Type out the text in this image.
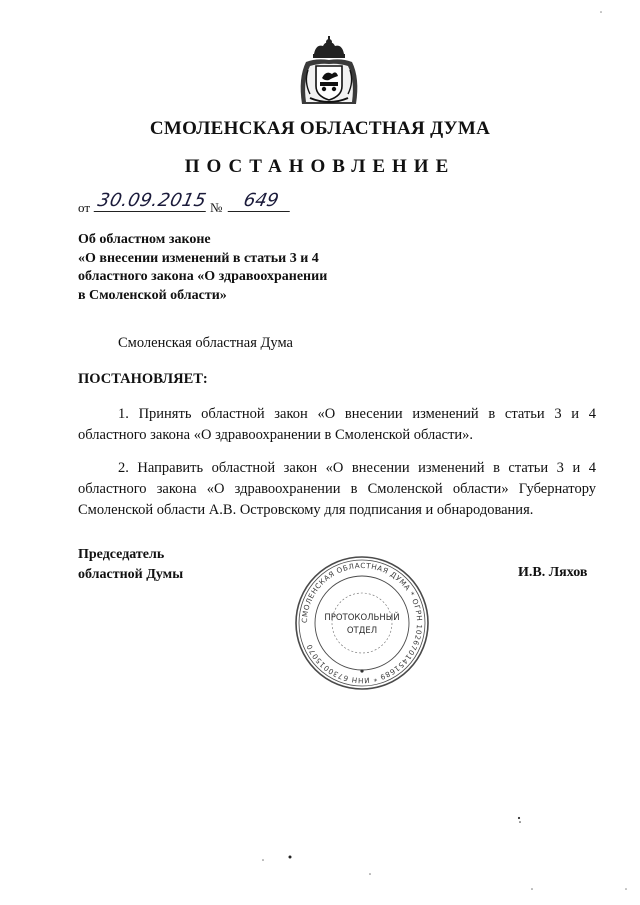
СМОЛЕНСКАЯ ОБЛАСТНАЯ ДУМА
ПОСТАНОВЛЕНИЕ
от 30.09.2015 №	649
Об областном законе
«О внесении изменений в статьи 3 и 4
областного закона «О здравоохранении
в Смоленской области»
Смоленская областная Дума
ПОСТАНОВЛЯЕТ:
1. Принять областной закон «О внесении изменений в статьи 3 и 4 областного закона «О здравоохранении в Смоленской области».
2. Направить областной закон «О внесении изменений в статьи 3 и 4 областного закона «О здравоохранении в Смоленской области» Губернатору Смоленской области А.В. Островскому для подписания и обнародования.
Председатель
областной Думы	И.В. Ляхов
СМОЛЕНСКАЯ ОБЛАСТНАЯ ДУМА * ОГРН 1026701451689 * ИНН 6730015070
ПРОТОКОЛЬНЫЙ
ОТДЕЛ
